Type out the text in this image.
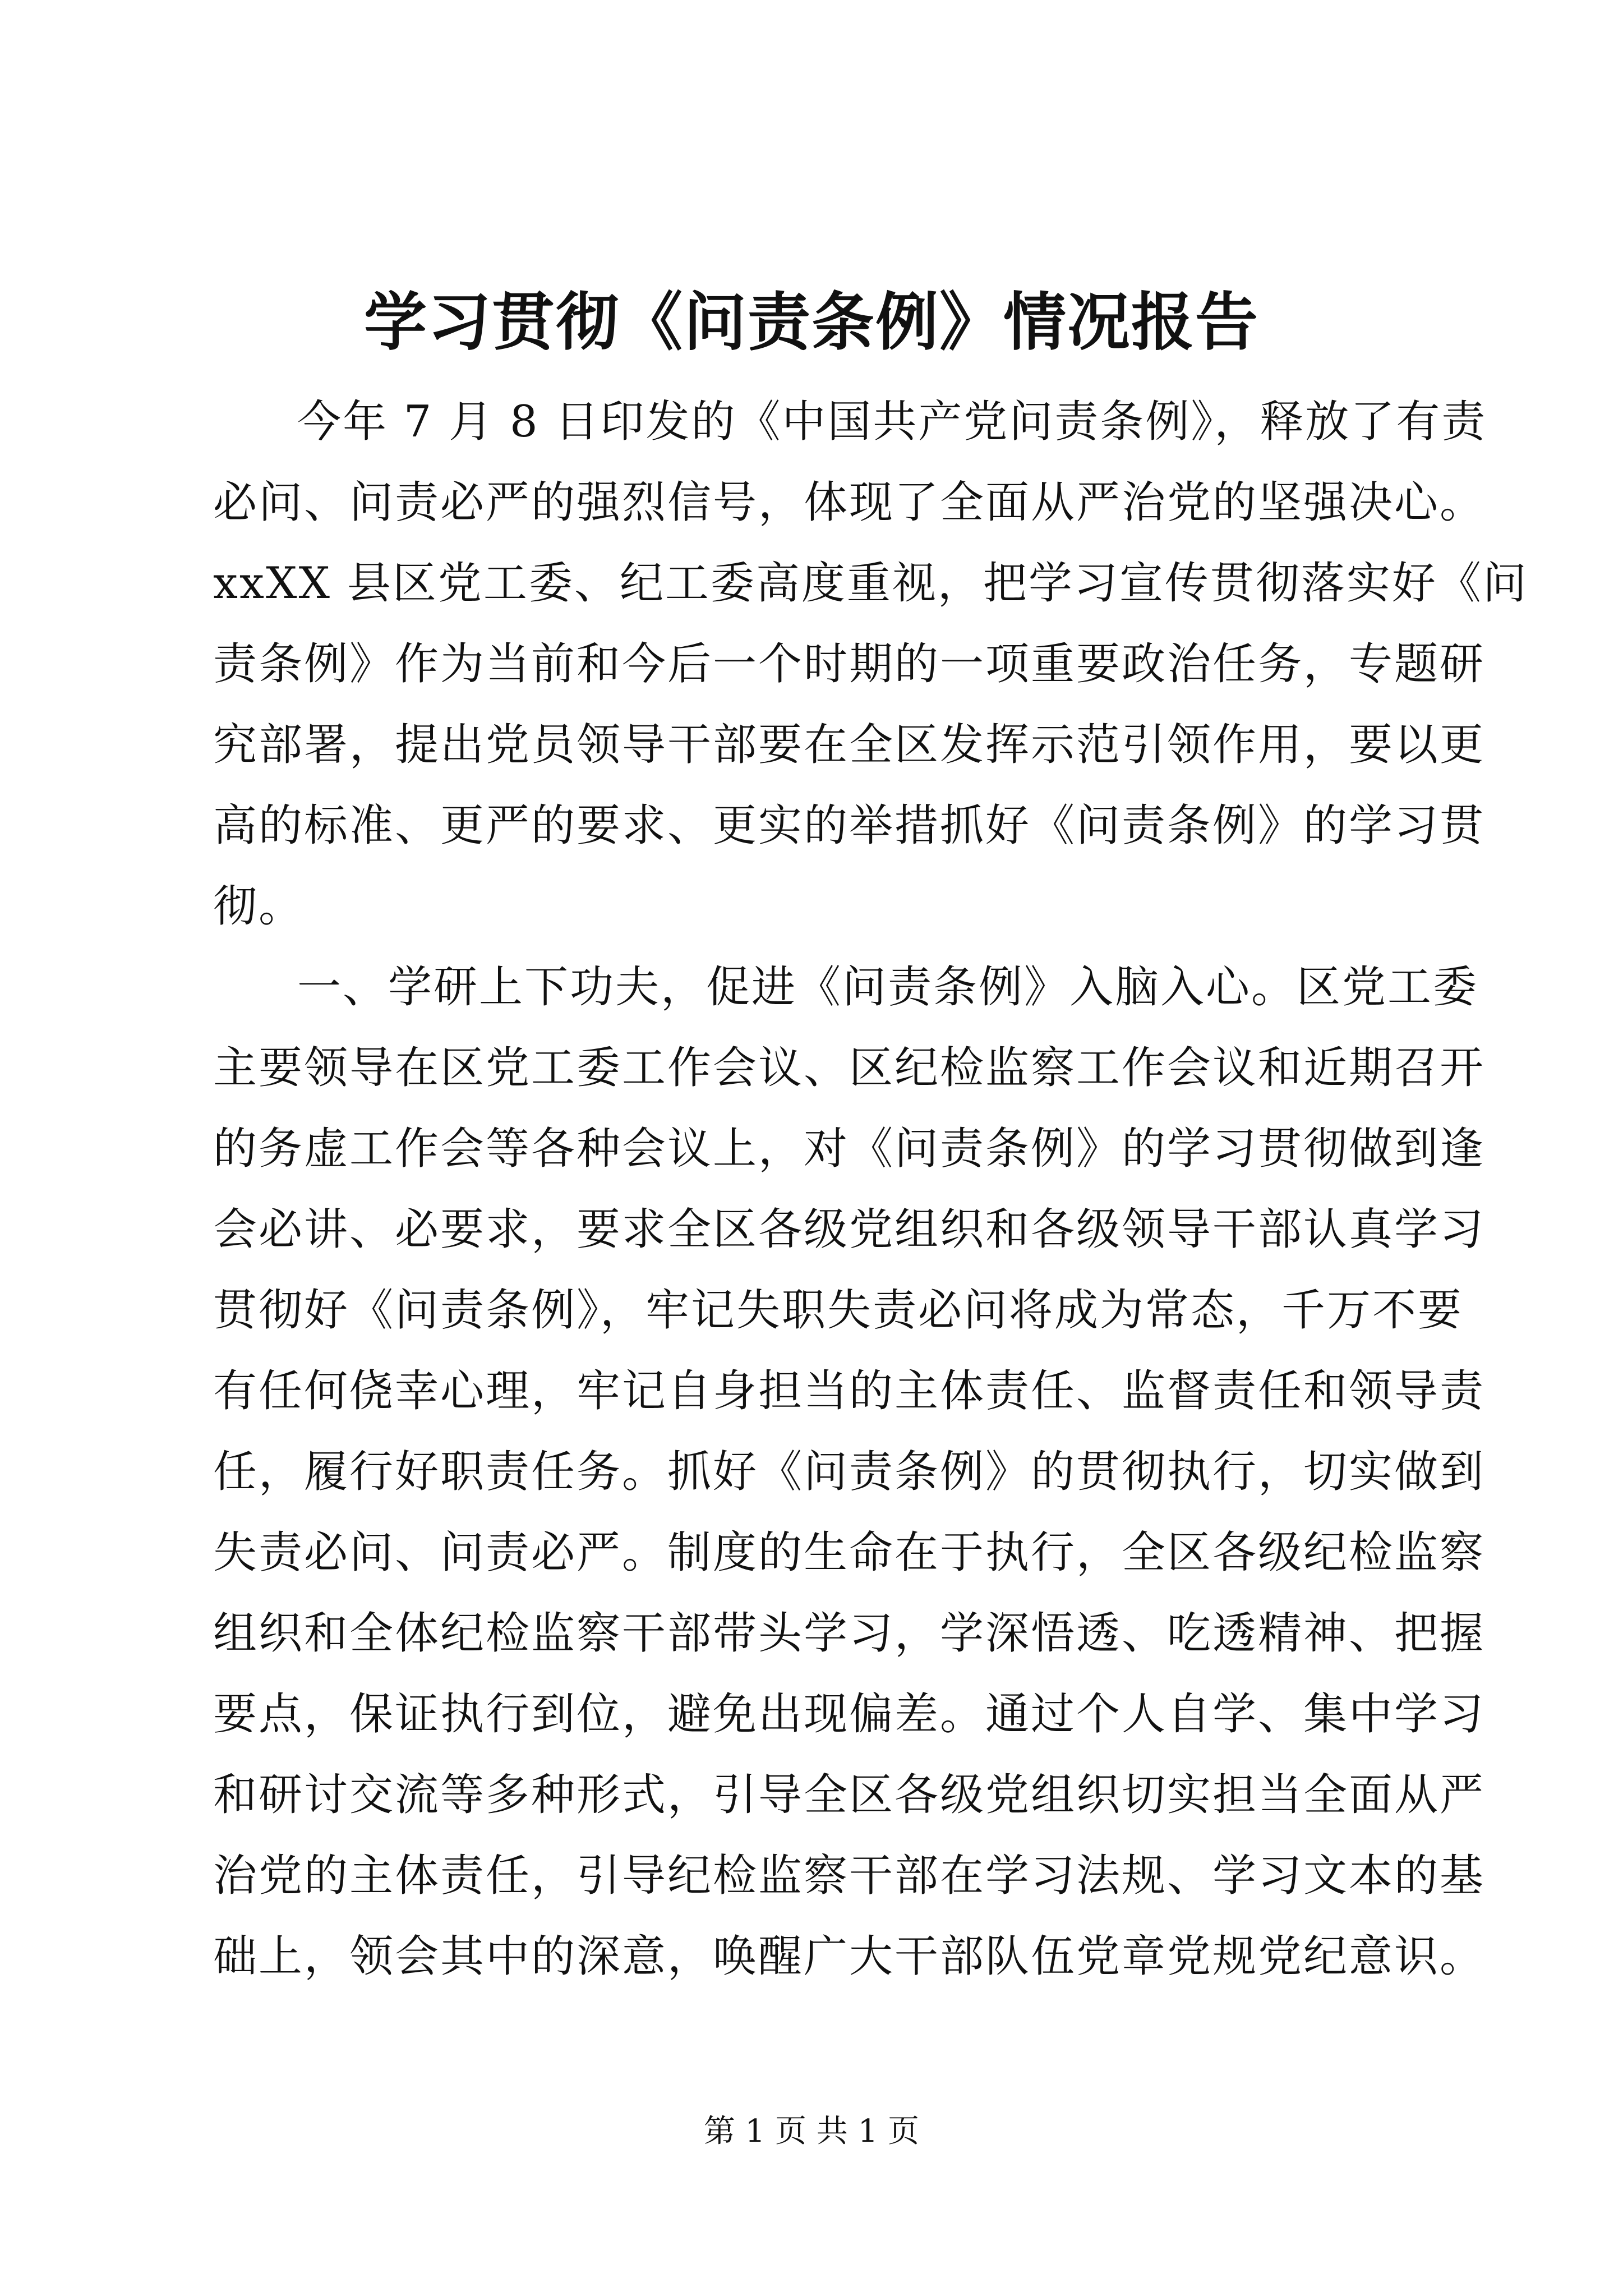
学习贯彻《问责条例》情况报告
今年 7 月 8 日印发的《中国共产党问责条例》，释放了有责
必问、问责必严的强烈信号，体现了全面从严治党的坚强决心。
xxXX 县区党工委、纪工委高度重视，把学习宣传贯彻落实好《问
责条例》作为当前和今后一个时期的一项重要政治任务，专题研
究部署，提出党员领导干部要在全区发挥示范引领作用，要以更
高的标准、更严的要求、更实的举措抓好《问责条例》的学习贯
彻。
一、学研上下功夫，促进《问责条例》入脑入心。区党工委
主要领导在区党工委工作会议、区纪检监察工作会议和近期召开
的务虚工作会等各种会议上，对《问责条例》的学习贯彻做到逢
会必讲、必要求，要求全区各级党组织和各级领导干部认真学习
贯彻好《问责条例》，牢记失职失责必问将成为常态，千万不要
有任何侥幸心理，牢记自身担当的主体责任、监督责任和领导责
任，履行好职责任务。抓好《问责条例》的贯彻执行，切实做到
失责必问、问责必严。制度的生命在于执行，全区各级纪检监察
组织和全体纪检监察干部带头学习，学深悟透、吃透精神、把握
要点，保证执行到位，避免出现偏差。通过个人自学、集中学习
和研讨交流等多种形式，引导全区各级党组织切实担当全面从严
治党的主体责任，引导纪检监察干部在学习法规、学习文本的基
础上，领会其中的深意，唤醒广大干部队伍党章党规党纪意识。
第 1 页 共 1 页
